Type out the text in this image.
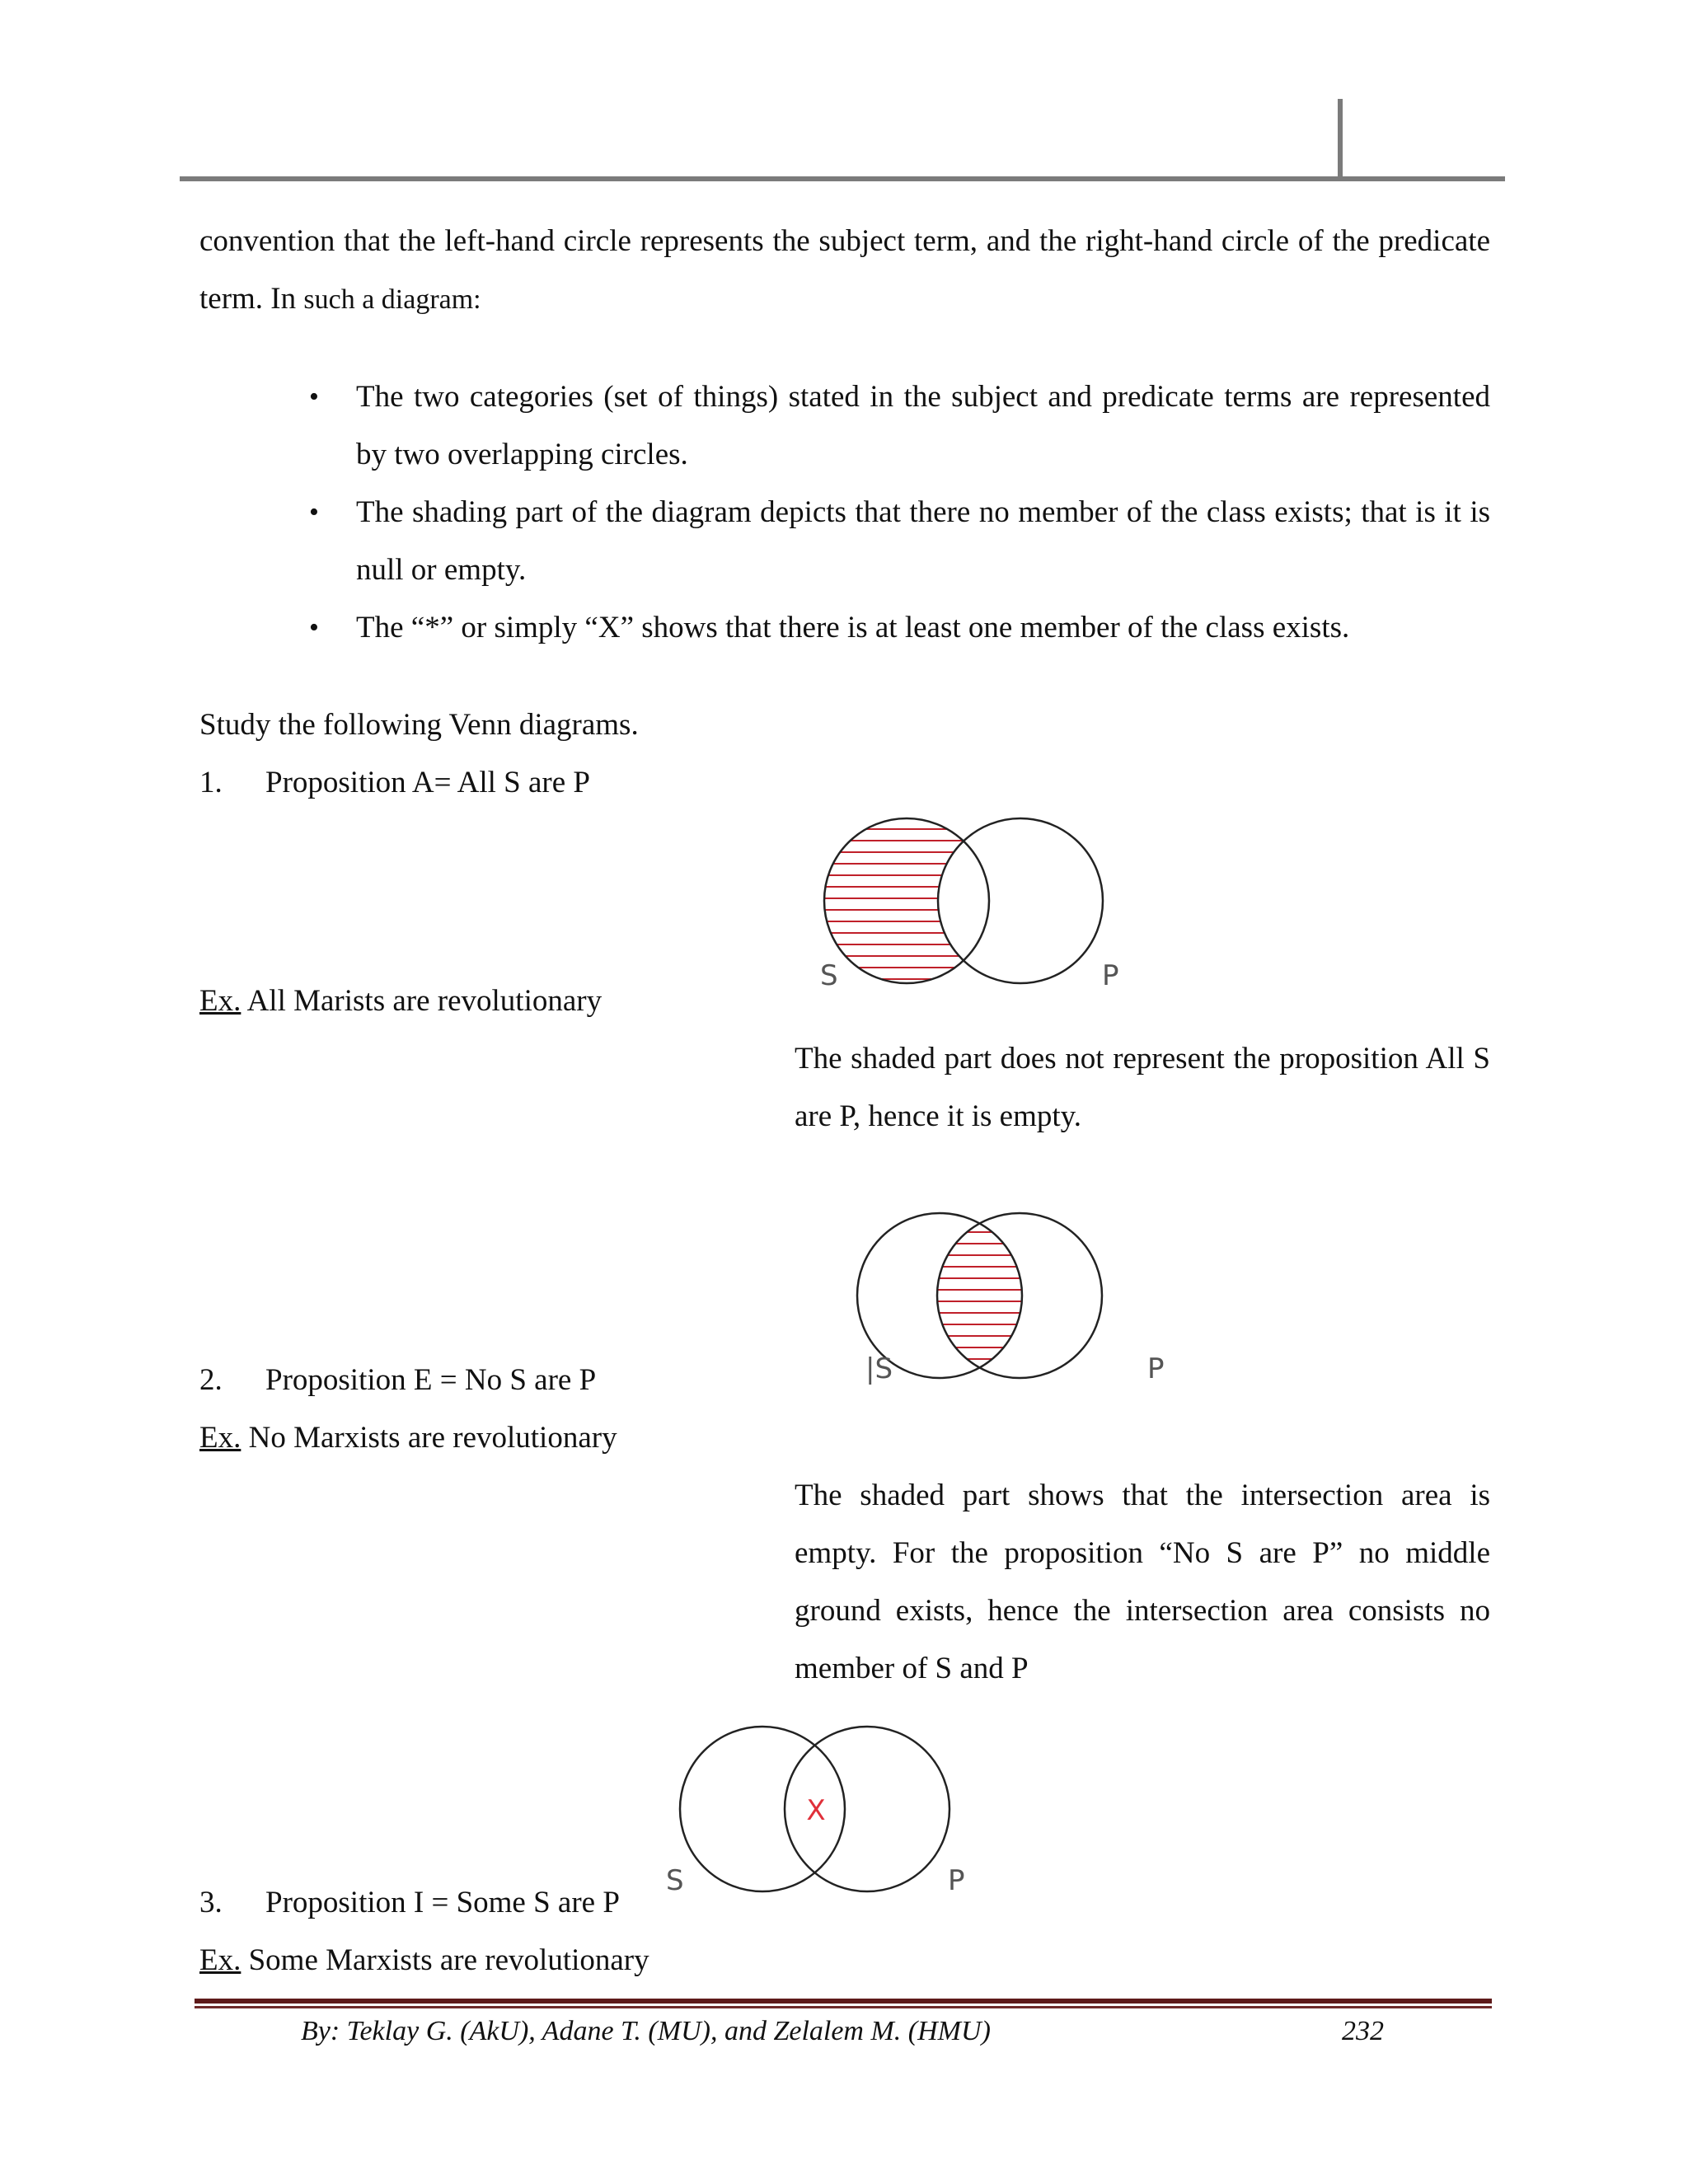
convention that the left-hand circle represents the subject term, and the right-hand circle of the predicate term. In such a diagram:
• The two categories (set of things) stated in the subject and predicate terms are represented by two overlapping circles.
• The shading part of the diagram depicts that there no member of the class exists; that is it is null or empty.
• The “*” or simply “X” shows that there is at least one member of the class exists.
Study the following Venn diagrams.
1. Proposition A= All S are P
S	P
Ex. All Marists are revolutionary
The shaded part does not represent the proposition All S are P, hence it is empty.
|S	P
2. Proposition E = No S are P
Ex. No Marxists are revolutionary
The shaded part shows that the intersection area is empty. For the proposition “No S are P” no middle ground exists, hence the intersection area consists no member of S and P
X
S	P
3. Proposition I = Some S are P
Ex. Some Marxists are revolutionary
By: Teklay G. (AkU), Adane T. (MU), and Zelalem M. (HMU)	232
